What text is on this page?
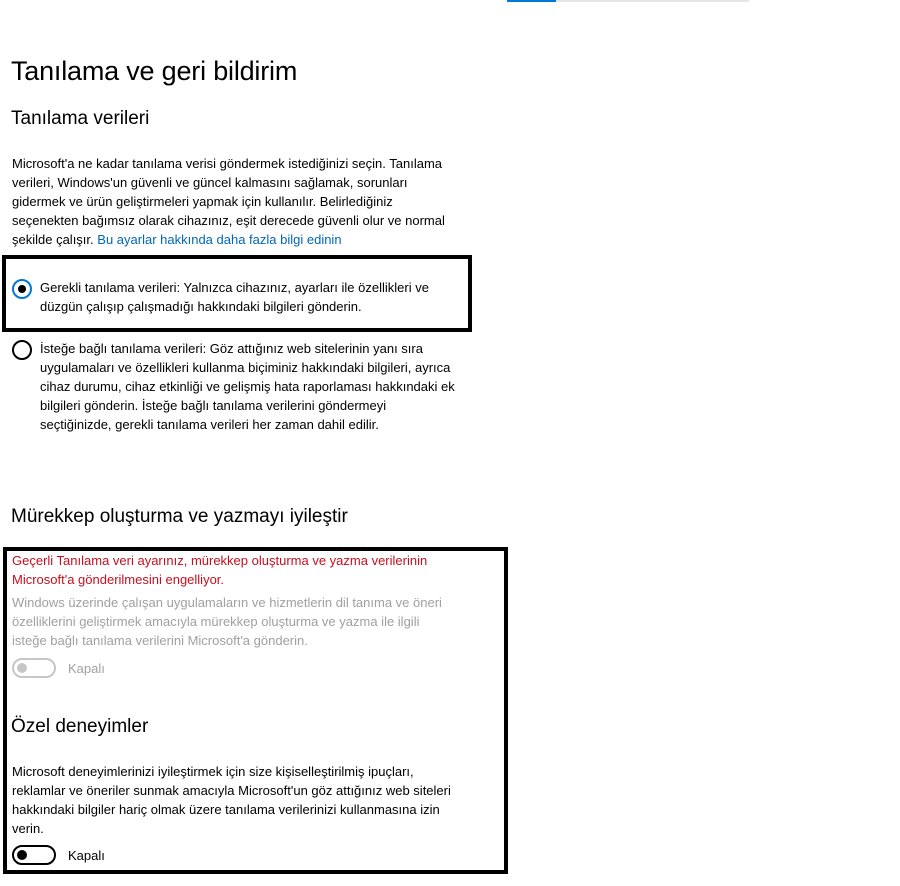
Tanılama ve geri bildirim
Tanılama verileri
Microsoft'a ne kadar tanılama verisi göndermek istediğinizi seçin. Tanılama verileri, Windows'un güvenli ve güncel kalmasını sağlamak, sorunları gidermek ve ürün geliştirmeleri yapmak için kullanılır. Belirlediğiniz seçenekten bağımsız olarak cihazınız, eşit derecede güvenli olur ve normal şekilde çalışır. Bu ayarlar hakkında daha fazla bilgi edinin
Gerekli tanılama verileri: Yalnızca cihazınız, ayarları ile özellikleri ve düzgün çalışıp çalışmadığı hakkındaki bilgileri gönderin.
İsteğe bağlı tanılama verileri: Göz attığınız web sitelerinin yanı sıra uygulamaları ve özellikleri kullanma biçiminiz hakkındaki bilgileri, ayrıca cihaz durumu, cihaz etkinliği ve gelişmiş hata raporlaması hakkındaki ek bilgileri gönderin. İsteğe bağlı tanılama verilerini göndermeyi seçtiğinizde, gerekli tanılama verileri her zaman dahil edilir.
Mürekkep oluşturma ve yazmayı iyileştir
Geçerli Tanılama veri ayarınız, mürekkep oluşturma ve yazma verilerinin Microsoft'a gönderilmesini engelliyor.
Windows üzerinde çalışan uygulamaların ve hizmetlerin dil tanıma ve öneri özelliklerini geliştirmek amacıyla mürekkep oluşturma ve yazma ile ilgili isteğe bağlı tanılama verilerini Microsoft'a gönderin.
Kapalı
Özel deneyimler
Microsoft deneyimlerinizi iyileştirmek için size kişiselleştirilmiş ipuçları, reklamlar ve öneriler sunmak amacıyla Microsoft'un göz attığınız web siteleri hakkındaki bilgiler hariç olmak üzere tanılama verilerinizi kullanmasına izin verin.
Kapalı
